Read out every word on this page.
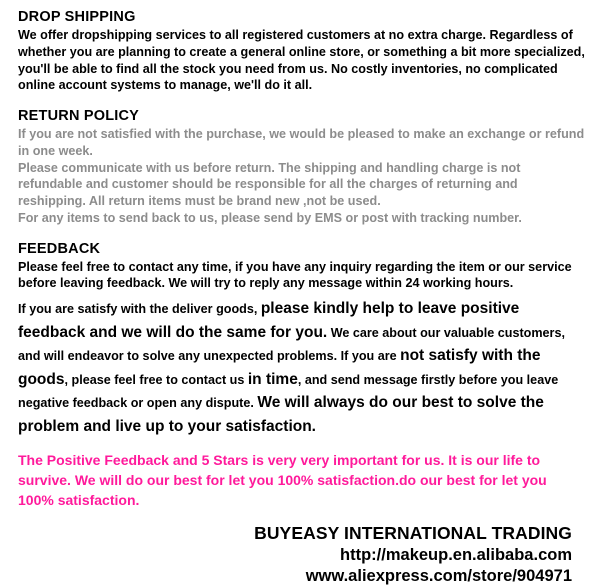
DROP SHIPPING

We offer dropshipping services to all registered customers at no extra charge. Regardless of whether you are planning to create a general online store, or something a bit more specialized, you'll be able to find all the stock you need from us. No costly inventories, no complicated online account systems to manage, we'll do it all.

RETURN POLICY

If you are not satisfied with the purchase, we would be pleased to make an exchange or refund in one week.

Please communicate with us before return. The shipping and handling charge is not refundable and customer should be responsible for all the charges of returning and reshipping. All return items must be brand new ,not be used.

For any items to send back to us, please send by EMS or post with tracking number.

FEEDBACK

Please feel free to contact any time, if you have any inquiry regarding the item or our service before leaving feedback. We will try to reply any message within 24 working hours.

If you are satisfy with the deliver goods, please kindly help to leave positive feedback and we will do the same for you. We care about our valuable customers, and will endeavor to solve any unexpected problems. If you are not satisfy with the goods, please feel free to contact us in time, and send message firstly before you leave negative feedback or open any dispute. We will always do our best to solve the problem and live up to your satisfaction.

The Positive Feedback and 5 Stars is very very important for us. It is our life to survive. We will do our best for let you 100% satisfaction.do our best for let you 100% satisfaction.

BUYEASY INTERNATIONAL TRADING
http://makeup.en.alibaba.com
www.aliexpress.com/store/904971
